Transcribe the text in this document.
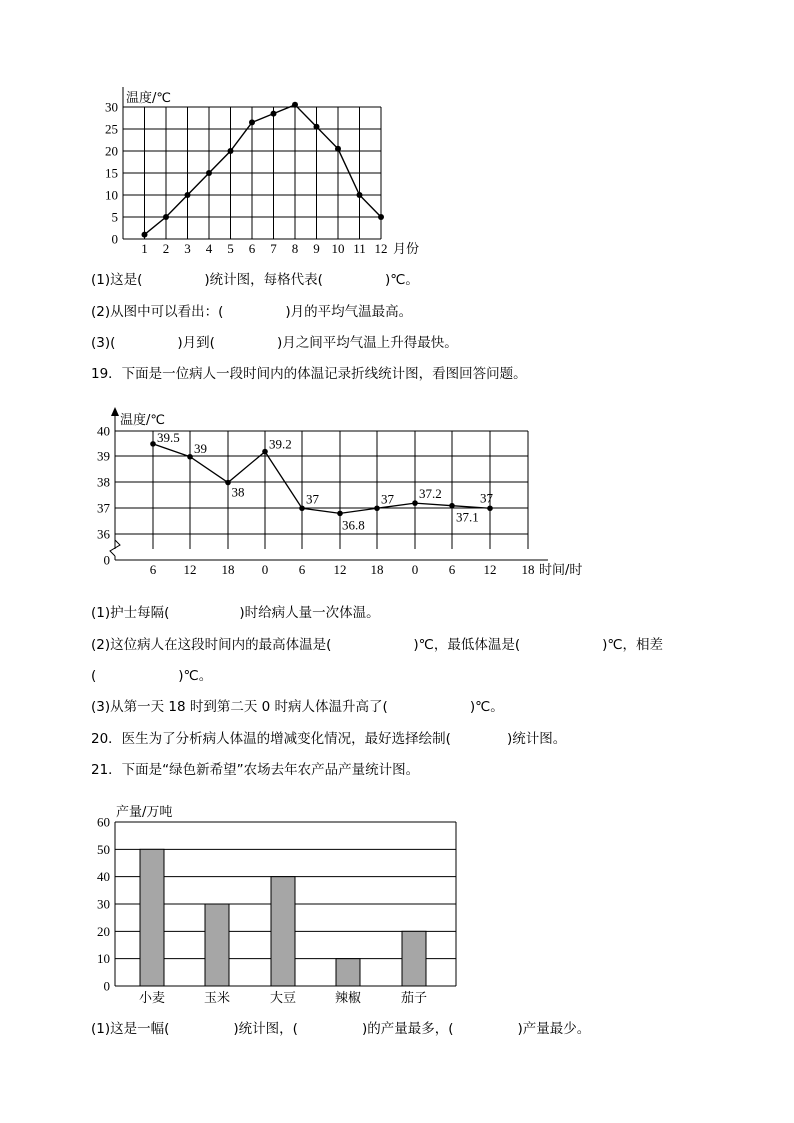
0
5
10
15
20
25
30
1 2 3 4 5 6 7 8 9 10 11 12
温度/℃
月份
0
36
37
38
39
40
6 12 18 0 6 12 18 0 6 12 18
温度/℃
时间/时
39.5
39
38
39.2
37
36.8
37 37.2
37.1
37
0
10
20
30
40
50
60
产量/万吨
小麦	玉米	大豆	辣椒	茄子
(1)这是(	)统计图，每格代表(	)℃。
(2)从图中可以看出：(	)月的平均气温最高。
(3)(	)月到(	)月之间平均气温上升得最快。
19．下面是一位病人一段时间内的体温记录折线统计图，看图回答问题。
(1)护士每隔(	)时给病人量一次体温。
(2)这位病人在这段时间内的最高体温是(	)℃，最低体温是(	)℃，相差
(	)℃。
(3)从第一天 18 时到第二天 0 时病人体温升高了(	)℃。
20．医生为了分析病人体温的增减变化情况，最好选择绘制(	)统计图。
21．下面是“绿色新希望”农场去年农产品产量统计图。
(1)这是一幅(	)统计图，(	)的产量最多，(	)产量最少。
